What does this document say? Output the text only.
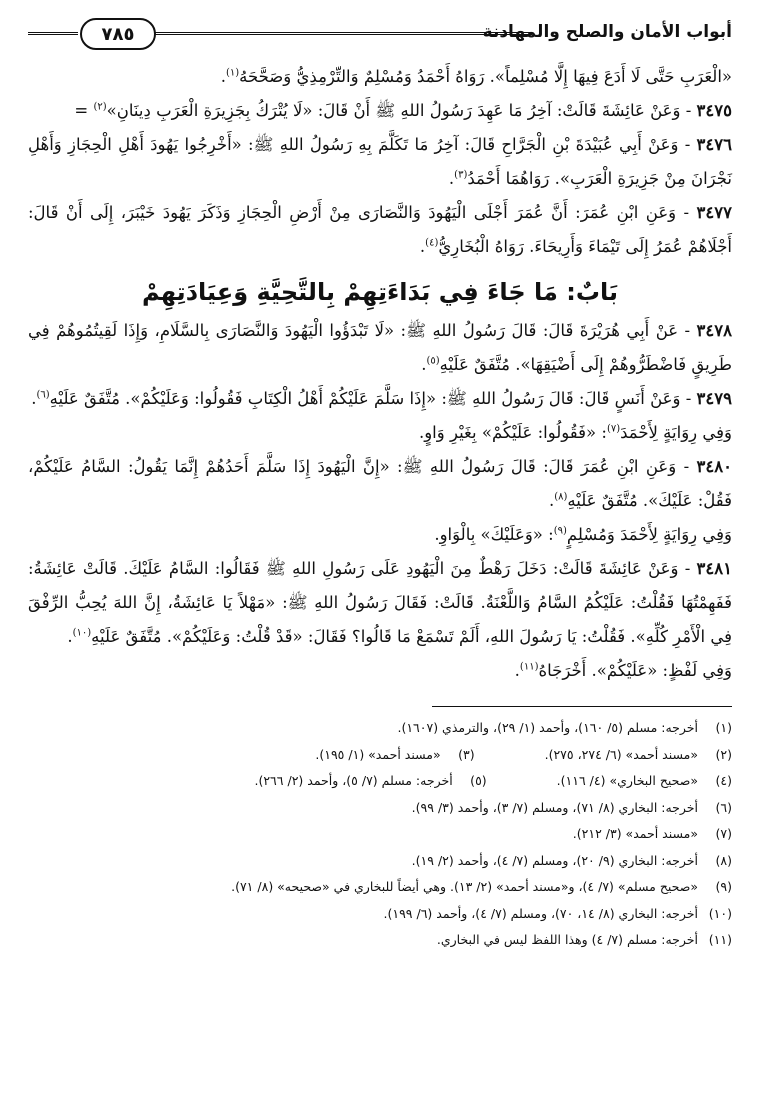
أبواب الأمان والصلح والمهادنة
٧٨٥

«الْعَرَبِ حَتَّى لَا أَدَعَ فِيهَا إِلَّا مُسْلِماً». رَوَاهُ أَحْمَدُ وَمُسْلِمٌ وَالتِّرْمِذِيُّ وَصَحَّحَهُ$^{(١)}$.

٣٤٧٥ - وَعَنْ عَائِشَةَ قَالَتْ: آخِرُ مَا عَهِدَ رَسُولُ اللهِ ﷺ أَنْ قَالَ: «لَا يُتْرَكُ بِجَزِيرَةِ الْعَرَبِ دِينَانِ»$^{(٢)}$ =

٣٤٧٦ - وَعَنْ أَبِي عُبَيْدَةَ بْنِ الْجَرَّاحِ قَالَ: آخِرُ مَا تَكَلَّمَ بِهِ رَسُولُ اللهِ ﷺ: «أَخْرِجُوا يَهُودَ أَهْلِ الْحِجَازِ وَأَهْلِ نَجْرَانَ مِنْ جَزِيرَةِ الْعَرَبِ». رَوَاهُمَا أَحْمَدُ$^{(٣)}$.

٣٤٧٧ - وَعَنِ ابْنِ عُمَرَ: أَنَّ عُمَرَ أَجْلَى الْيَهُودَ وَالنَّصَارَى مِنْ أَرْضِ الْحِجَازِ وَذَكَرَ يَهُودَ خَيْبَرَ، إِلَى أَنْ قَالَ: أَجْلَاهُمْ عُمَرُ إِلَى تَيْمَاءَ وَأَرِيحَاءَ. رَوَاهُ الْبُخَارِيُّ$^{(٤)}$.

بَابٌ: مَا جَاءَ فِي بَدَاءَتِهِمْ بِالتَّحِيَّةِ وَعِيَادَتِهِمْ

٣٤٧٨ - عَنْ أَبِي هُرَيْرَةَ قَالَ: قَالَ رَسُولُ اللهِ ﷺ: «لَا تَبْدَؤُوا الْيَهُودَ وَالنَّصَارَى بِالسَّلَامِ، وَإِذَا لَقِيتُمُوهُمْ فِي طَرِيقٍ فَاضْطَرُّوهُمْ إِلَى أَضْيَقِهَا». مُتَّفَقٌ عَلَيْهِ$^{(٥)}$.

٣٤٧٩ - وَعَنْ أَنَسٍ قَالَ: قَالَ رَسُولُ اللهِ ﷺ: «إِذَا سَلَّمَ عَلَيْكُمْ أَهْلُ الْكِتَابِ فَقُولُوا: وَعَلَيْكُمْ». مُتَّفَقٌ عَلَيْهِ$^{(٦)}$.

وَفِي رِوَايَةٍ لِأَحْمَدَ$^{(٧)}$: «فَقُولُوا: عَلَيْكُمْ» بِغَيْرِ وَاوٍ.

٣٤٨٠ - وَعَنِ ابْنِ عُمَرَ قَالَ: قَالَ رَسُولُ اللهِ ﷺ: «إِنَّ الْيَهُودَ إِذَا سَلَّمَ أَحَدُهُمْ إِنَّمَا يَقُولُ: السَّامُ عَلَيْكُمْ، فَقُلْ: عَلَيْكَ». مُتَّفَقٌ عَلَيْهِ$^{(٨)}$.

وَفِي رِوَايَةٍ لِأَحْمَدَ وَمُسْلِمٍ$^{(٩)}$: «وَعَلَيْكَ» بِالْوَاوِ.

٣٤٨١ - وَعَنْ عَائِشَةَ قَالَتْ: دَخَلَ رَهْطٌ مِنَ الْيَهُودِ عَلَى رَسُولِ اللهِ ﷺ فَقَالُوا: السَّامُ عَلَيْكَ. قَالَتْ عَائِشَةُ: فَفَهِمْتُهَا فَقُلْتُ: عَلَيْكُمُ السَّامُ وَاللَّعْنَةُ. قَالَتْ: فَقَالَ رَسُولُ اللهِ ﷺ: «مَهْلاً يَا عَائِشَةُ، إِنَّ اللهَ يُحِبُّ الرِّفْقَ فِي الْأَمْرِ كُلِّهِ». فَقُلْتُ: يَا رَسُولَ اللهِ، أَلَمْ تَسْمَعْ مَا قَالُوا؟ فَقَالَ: «قَدْ قُلْتُ: وَعَلَيْكُمْ». مُتَّفَقٌ عَلَيْهِ$^{(١٠)}$.

وَفِي لَفْظٍ: «عَلَيْكُمْ». أَخْرَجَاهُ$^{(١١)}$.

(١)
أخرجه: مسلم (٥/ ١٦٠)، وأحمد (١/ ٢٩)، والترمذي (١٦٠٧).
(٢)
«مسند أحمد» (٦/ ٢٧٤، ٢٧٥).
(٣)
«مسند أحمد» (١/ ١٩٥).
(٤)
«صحيح البخاري» (٤/ ١١٦).
(٥)
أخرجه: مسلم (٧/ ٥)، وأحمد (٢/ ٢٦٦).
(٦)
أخرجه: البخاري (٨/ ٧١)، ومسلم (٧/ ٣)، وأحمد (٣/ ٩٩).
(٧)
«مسند أحمد» (٣/ ٢١٢).
(٨)
أخرجه: البخاري (٩/ ٢٠)، ومسلم (٧/ ٤)، وأحمد (٢/ ١٩).
(٩)
«صحيح مسلم» (٧/ ٤)، و«مسند أحمد» (٢/ ١٣). وهي أيضاً للبخاري في «صحيحه» (٨/ ٧١).
(١٠)
أخرجه: البخاري (٨/ ١٤، ٧٠)، ومسلم (٧/ ٤)، وأحمد (٦/ ١٩٩).
(١١)
أخرجه: مسلم (٧/ ٤) وهذا اللفظ ليس في البخاري.
